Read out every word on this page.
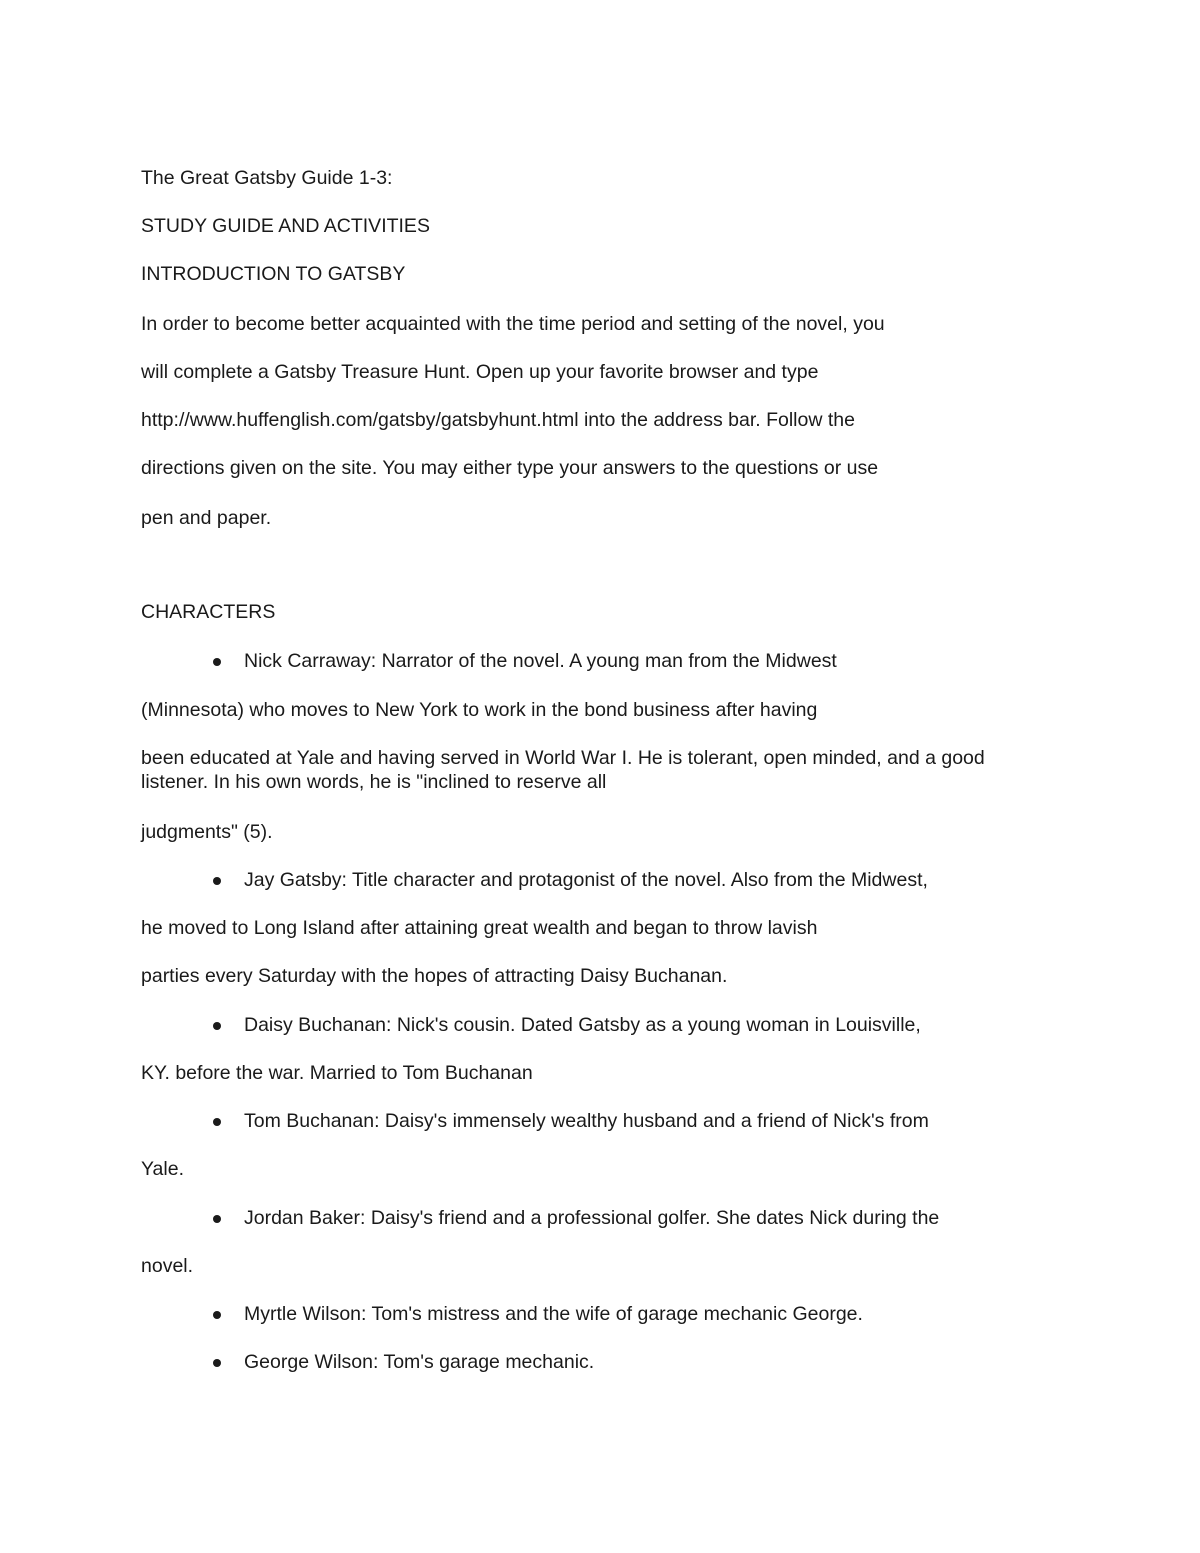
The Great Gatsby Guide 1-3:
STUDY GUIDE AND ACTIVITIES
INTRODUCTION TO GATSBY
In order to become better acquainted with the time period and setting of the novel, you
will complete a Gatsby Treasure Hunt. Open up your favorite browser and type
http://www.huffenglish.com/gatsby/gatsbyhunt.html into the address bar. Follow the
directions given on the site. You may either type your answers to the questions or use
pen and paper.
CHARACTERS
Nick Carraway: Narrator of the novel. A young man from the Midwest
(Minnesota) who moves to New York to work in the bond business after having
been educated at Yale and having served in World War I. He is tolerant, open minded, and a good listener. In his own words, he is "inclined to reserve all
judgments" (5).
Jay Gatsby: Title character and protagonist of the novel. Also from the Midwest,
he moved to Long Island after attaining great wealth and began to throw lavish
parties every Saturday with the hopes of attracting Daisy Buchanan.
Daisy Buchanan: Nick's cousin. Dated Gatsby as a young woman in Louisville,
KY. before the war. Married to Tom Buchanan
Tom Buchanan: Daisy's immensely wealthy husband and a friend of Nick's from
Yale.
Jordan Baker: Daisy's friend and a professional golfer. She dates Nick during the
novel.
Myrtle Wilson: Tom's mistress and the wife of garage mechanic George.
George Wilson: Tom's garage mechanic.
